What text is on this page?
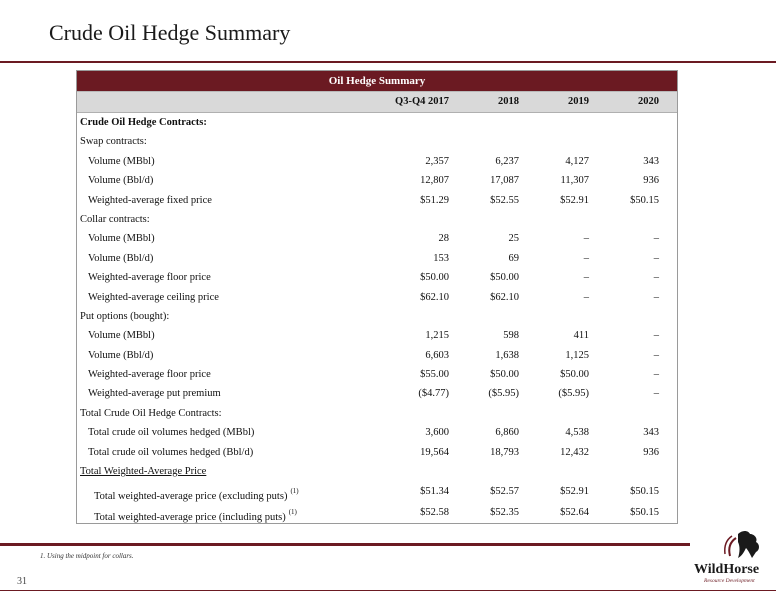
Crude Oil Hedge Summary
Oil Hedge Summary
Q3-Q4 2017	2018	2019	2020
Crude Oil Hedge Contracts:
Swap contracts:
Volume (MBbl)	2,357	6,237	4,127	343
Volume (Bbl/d)	12,807	17,087	11,307	936
Weighted-average fixed price	$51.29	$52.55	$52.91	$50.15
Collar contracts:
Volume (MBbl)	28	25	–	–
Volume (Bbl/d)	153	69	–	–
Weighted-average floor price	$50.00	$50.00	–	–
Weighted-average ceiling price	$62.10	$62.10	–	–
Put options (bought):
Volume (MBbl)	1,215	598	411	–
Volume (Bbl/d)	6,603	1,638	1,125	–
Weighted-average floor price	$55.00	$50.00	$50.00	–
Weighted-average put premium	($4.77)	($5.95)	($5.95)	–
Total Crude Oil Hedge Contracts:
Total crude oil volumes hedged (MBbl)	3,600	6,860	4,538	343
Total crude oil volumes hedged (Bbl/d)	19,564	18,793	12,432	936
Total Weighted-Average Price
Total weighted-average price (excluding puts) $^{(1)}$	$51.34	$52.57	$52.91	$50.15
Total weighted-average price (including puts) $^{(1)}$	$52.58	$52.35	$52.64	$50.15
1. Using the midpoint for collars.
31
WildHorse
Resource Development
